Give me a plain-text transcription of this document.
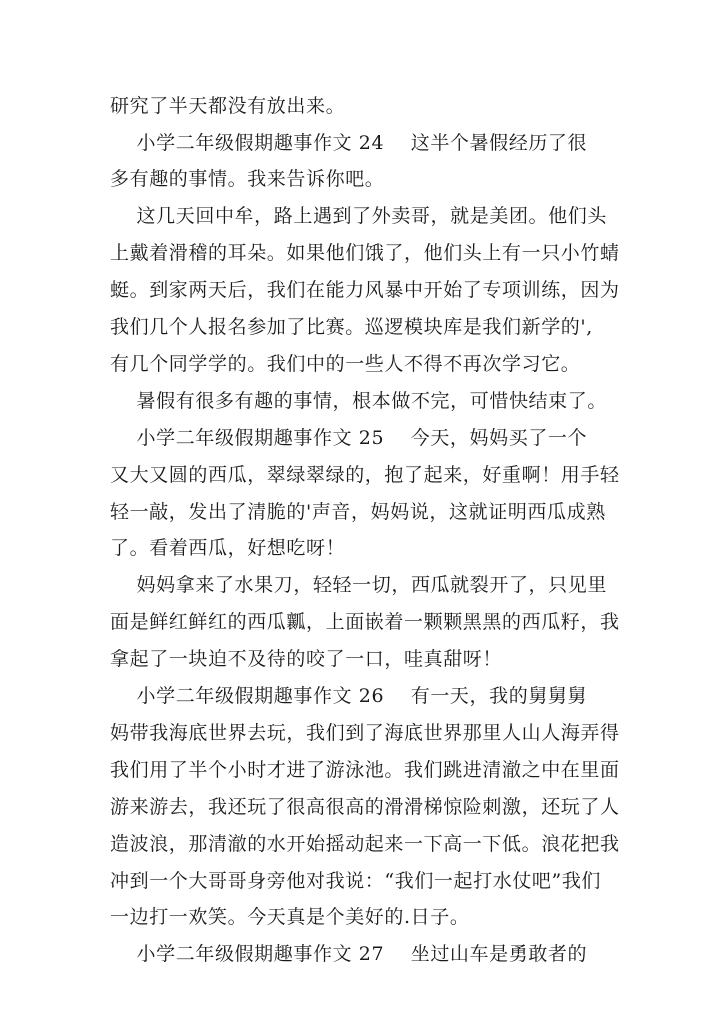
研究了半天都没有放出来。
小学二年级假期趣事作文 24    这半个暑假经历了很
多有趣的事情。我来告诉你吧。
这几天回中牟，路上遇到了外卖哥，就是美团。他们头
上戴着滑稽的耳朵。如果他们饿了，他们头上有一只小竹蜻
蜓。到家两天后，我们在能力风暴中开始了专项训练，因为
我们几个人报名参加了比赛。巡逻模块库是我们新学的',
有几个同学学的。我们中的一些人不得不再次学习它。
暑假有很多有趣的事情，根本做不完，可惜快结束了。
小学二年级假期趣事作文 25    今天，妈妈买了一个
又大又圆的西瓜，翠绿翠绿的，抱了起来，好重啊！用手轻
轻一敲，发出了清脆的'声音，妈妈说，这就证明西瓜成熟
了。看着西瓜，好想吃呀！
妈妈拿来了水果刀，轻轻一切，西瓜就裂开了，只见里
面是鲜红鲜红的西瓜瓤，上面嵌着一颗颗黑黑的西瓜籽，我
拿起了一块迫不及待的咬了一口，哇真甜呀！
小学二年级假期趣事作文 26    有一天，我的舅舅舅
妈带我海底世界去玩，我们到了海底世界那里人山人海弄得
我们用了半个小时才进了游泳池。我们跳进清澈之中在里面
游来游去，我还玩了很高很高的滑滑梯惊险刺激，还玩了人
造波浪，那清澈的水开始摇动起来一下高一下低。浪花把我
冲到一个大哥哥身旁他对我说：“我们一起打水仗吧”我们
一边打一欢笑。今天真是个美好的.日子。
小学二年级假期趣事作文 27    坐过山车是勇敢者的
